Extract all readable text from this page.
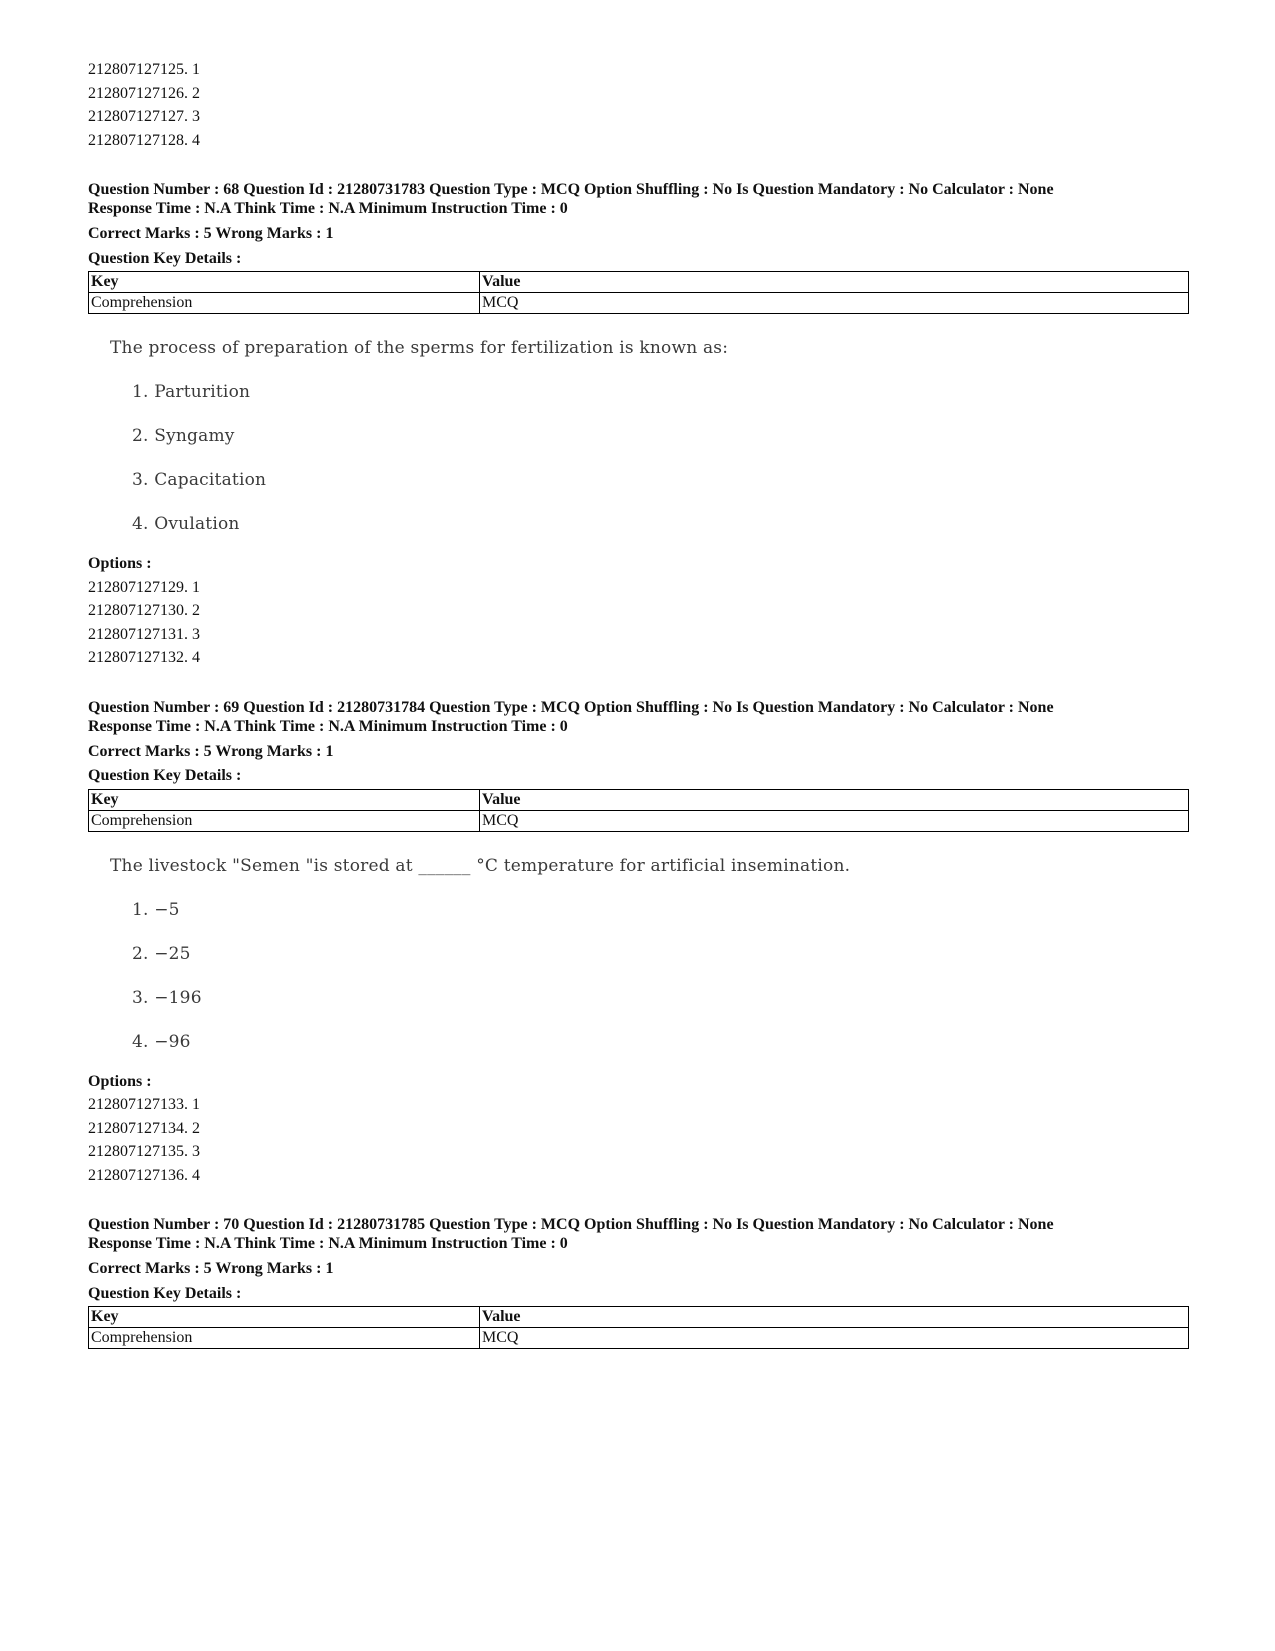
212807127125. 1
212807127126. 2
212807127127. 3
212807127128. 4
Question Number : 68 Question Id : 21280731783 Question Type : MCQ Option Shuffling : No Is Question Mandatory : No Calculator : None
Response Time : N.A Think Time : N.A Minimum Instruction Time : 0
Correct Marks : 5 Wrong Marks : 1
Question Key Details :
Key	Value
Comprehension	MCQ
The process of preparation of the sperms for fertilization is known as:
1. Parturition
2. Syngamy
3. Capacitation
4. Ovulation
Options :
212807127129. 1
212807127130. 2
212807127131. 3
212807127132. 4
Question Number : 69 Question Id : 21280731784 Question Type : MCQ Option Shuffling : No Is Question Mandatory : No Calculator : None
Response Time : N.A Think Time : N.A Minimum Instruction Time : 0
Correct Marks : 5 Wrong Marks : 1
Question Key Details :
Key	Value
Comprehension	MCQ
The livestock "Semen "is stored at ______ °C temperature for artificial insemination.
1. −5
2. −25
3. −196
4. −96
Options :
212807127133. 1
212807127134. 2
212807127135. 3
212807127136. 4
Question Number : 70 Question Id : 21280731785 Question Type : MCQ Option Shuffling : No Is Question Mandatory : No Calculator : None
Response Time : N.A Think Time : N.A Minimum Instruction Time : 0
Correct Marks : 5 Wrong Marks : 1
Question Key Details :
Key	Value
Comprehension	MCQ
